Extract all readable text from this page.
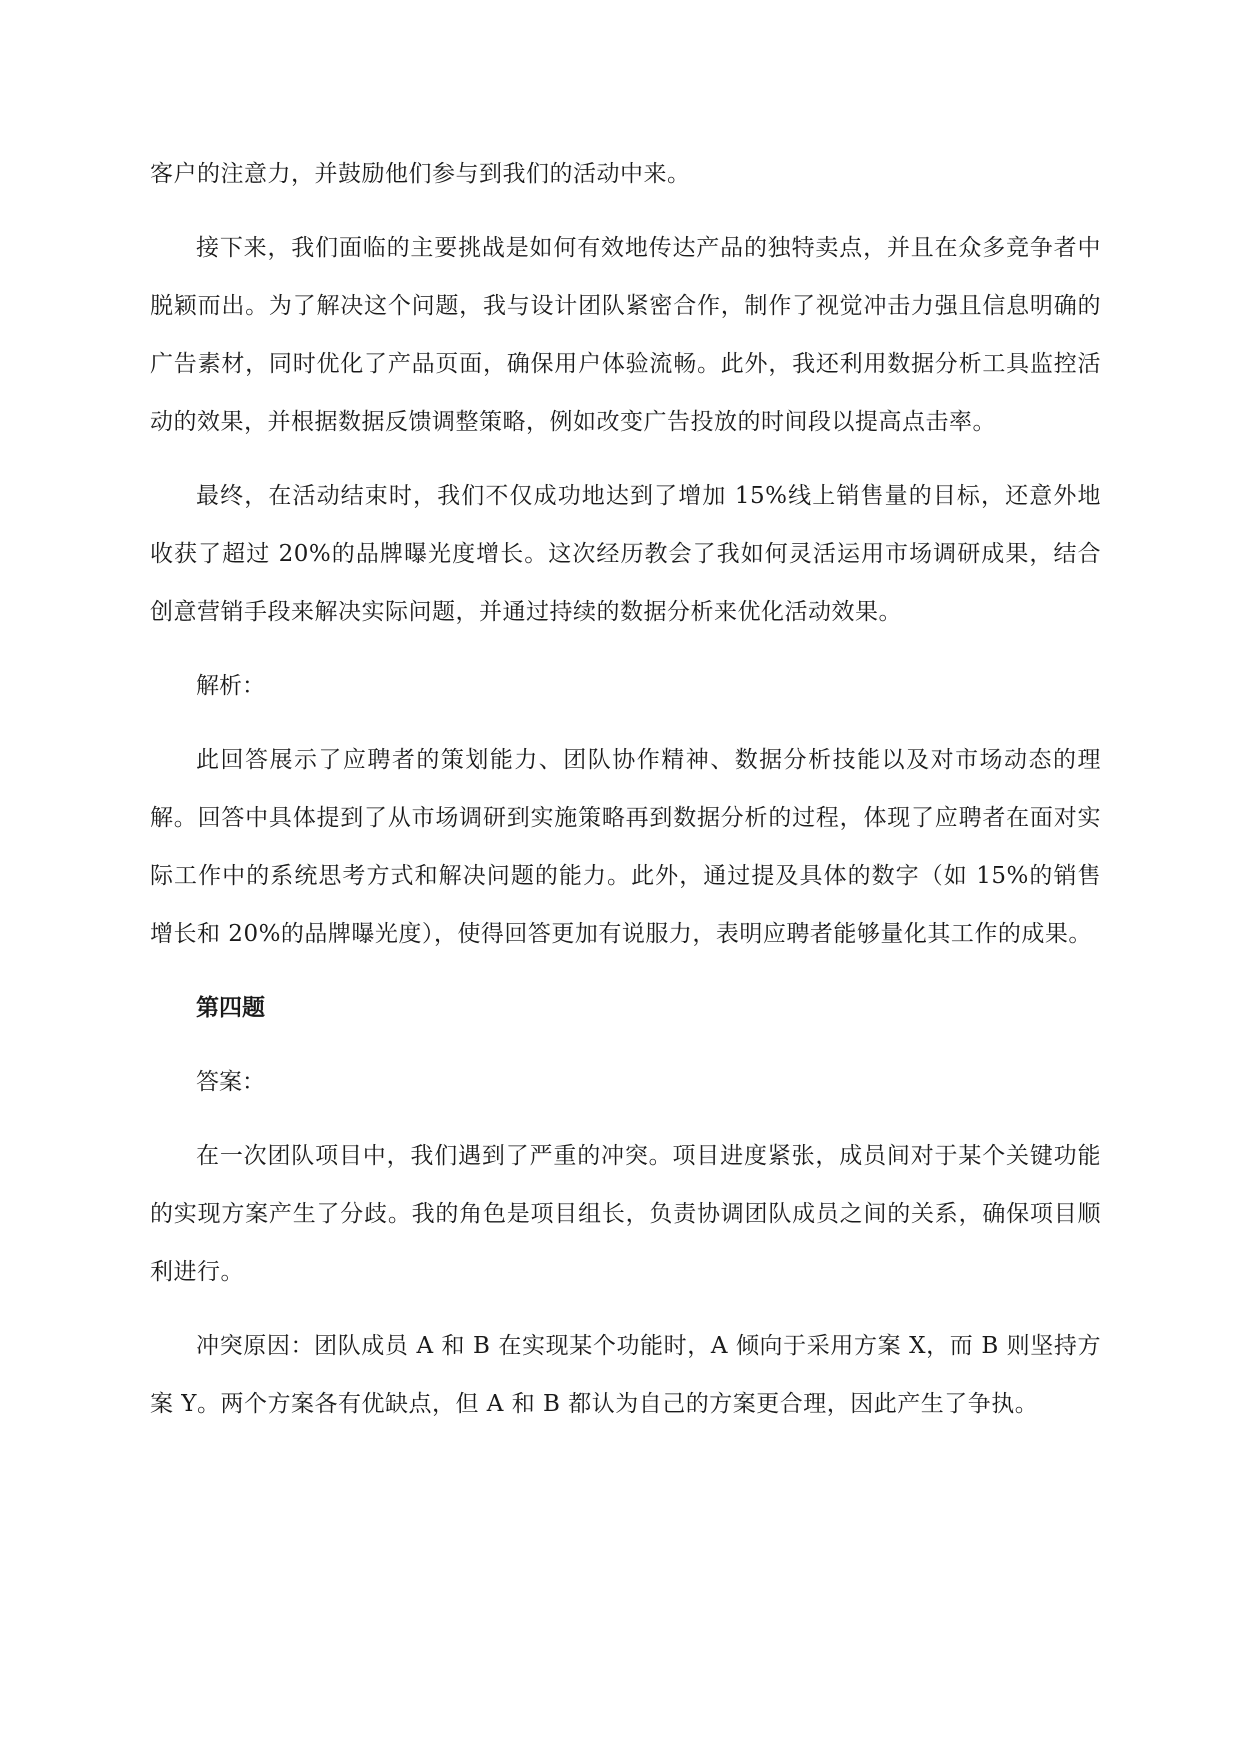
客户的注意力，并鼓励他们参与到我们的活动中来。

接下来，我们面临的主要挑战是如何有效地传达产品的独特卖点，并且在众多竞争者中脱颖而出。为了解决这个问题，我与设计团队紧密合作，制作了视觉冲击力强且信息明确的广告素材，同时优化了产品页面，确保用户体验流畅。此外，我还利用数据分析工具监控活动的效果，并根据数据反馈调整策略，例如改变广告投放的时间段以提高点击率。

最终，在活动结束时，我们不仅成功地达到了增加 15%线上销售量的目标，还意外地收获了超过 20%的品牌曝光度增长。这次经历教会了我如何灵活运用市场调研成果，结合创意营销手段来解决实际问题，并通过持续的数据分析来优化活动效果。

解析：

此回答展示了应聘者的策划能力、团队协作精神、数据分析技能以及对市场动态的理解。回答中具体提到了从市场调研到实施策略再到数据分析的过程，体现了应聘者在面对实际工作中的系统思考方式和解决问题的能力。此外，通过提及具体的数字（如 15%的销售增长和 20%的品牌曝光度），使得回答更加有说服力，表明应聘者能够量化其工作的成果。

第四题

答案：

在一次团队项目中，我们遇到了严重的冲突。项目进度紧张，成员间对于某个关键功能的实现方案产生了分歧。我的角色是项目组长，负责协调团队成员之间的关系，确保项目顺利进行。

冲突原因：团队成员 A 和 B 在实现某个功能时，A 倾向于采用方案 X，而 B 则坚持方案 Y。两个方案各有优缺点，但 A 和 B 都认为自己的方案更合理，因此产生了争执。
